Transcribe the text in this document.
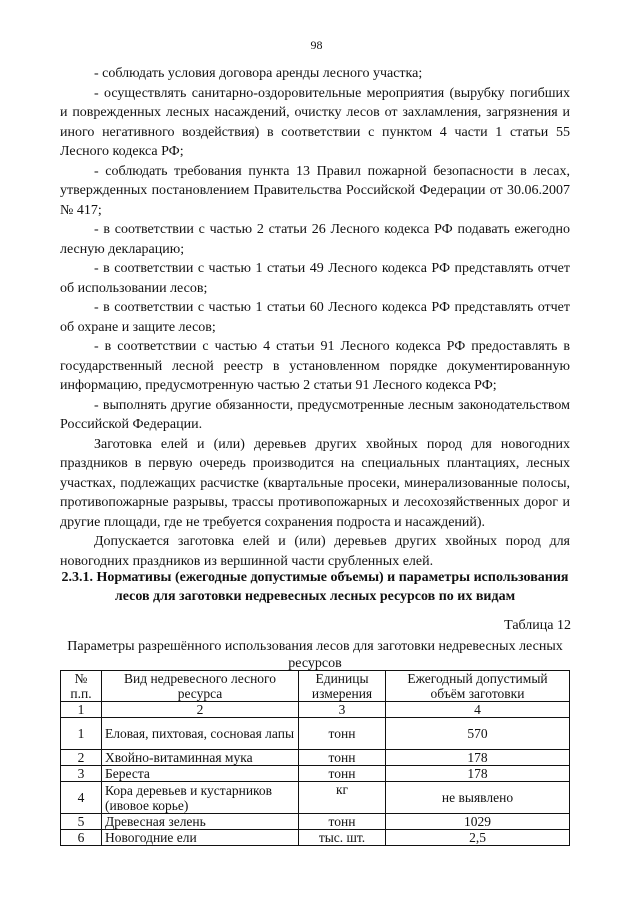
98

- соблюдать условия договора аренды лесного участка;

- осуществлять санитарно-оздоровительные мероприятия (вырубку погибших и поврежденных лесных насаждений, очистку лесов от захламления, загрязнения и иного негативного воздействия) в соответствии с пунктом 4 части 1 статьи 55 Лесного кодекса РФ;

- соблюдать требования пункта 13 Правил пожарной безопасности в лесах, утвержденных постановлением Правительства Российской Федерации от 30.06.2007 № 417;

- в соответствии с частью 2 статьи 26 Лесного кодекса РФ подавать ежегодно лесную декларацию;

- в соответствии с частью 1 статьи 49 Лесного кодекса РФ представлять отчет об использовании лесов;

- в соответствии с частью 1 статьи 60 Лесного кодекса РФ представлять отчет об охране и защите лесов;

- в соответствии с частью 4 статьи 91 Лесного кодекса РФ предоставлять в государственный лесной реестр в установленном порядке документированную информацию, предусмотренную частью 2 статьи 91 Лесного кодекса РФ;

- выполнять другие обязанности, предусмотренные лесным законодательством Российской Федерации.

Заготовка елей и (или) деревьев других хвойных пород для новогодних праздников в первую очередь производится на специальных плантациях, лесных участках, подлежащих расчистке (квартальные просеки, минерализованные полосы, противопожарные разрывы, трассы противопожарных и лесохозяйственных дорог и другие площади, где не требуется сохранения подроста и насаждений).

Допускается заготовка елей и (или) деревьев других хвойных пород для новогодних праздников из вершинной части срубленных елей.

2.3.1. Нормативы (ежегодные допустимые объемы) и параметры использования лесов для заготовки недревесных лесных ресурсов по их видам
Таблица 12
Параметры разрешённого использования лесов для заготовки недревесных лесных ресурсов
№ п.п.	Вид недревесного лесного ресурса	Единицы измерения	Ежегодный допустимый объём заготовки
1	2	3	4
1	Еловая, пихтовая, сосновая лапы	тонн	570
2	Хвойно-витаминная мука	тонн	178
3	Береста	тонн	178
4	Кора деревьев и кустарников (ивовое корье)	кг	не выявлено
5	Древесная зелень	тонн	1029
6	Новогодние ели	тыс. шт.	2,5
